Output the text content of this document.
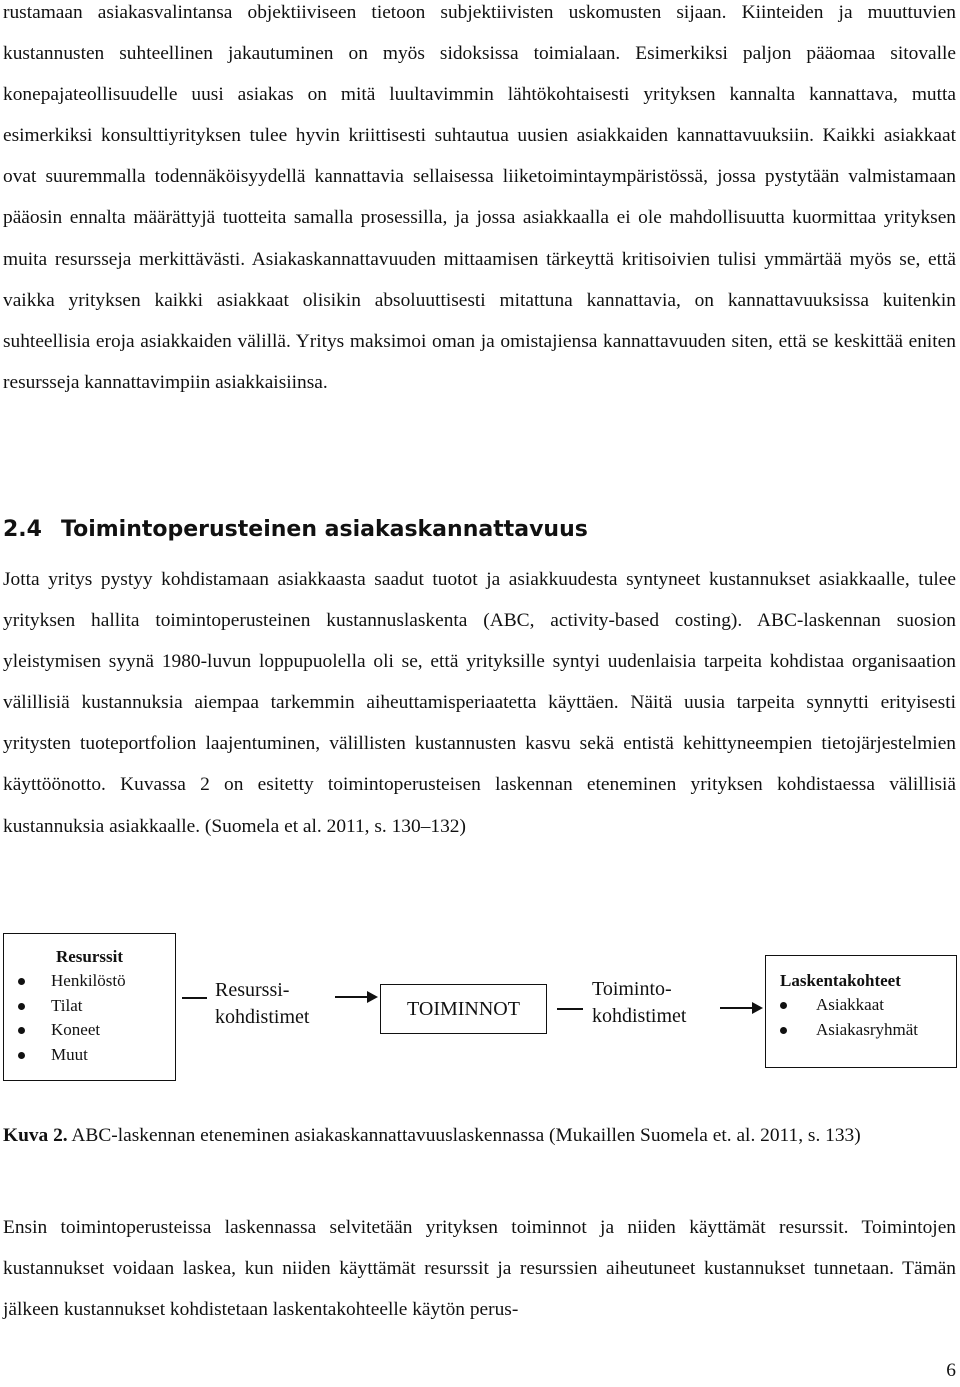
rustamaan asiakasvalintansa objektiiviseen tietoon subjektiivisten uskomusten sijaan. Kiinteiden ja muuttuvien kustannusten suhteellinen jakautuminen on myös sidoksissa toimialaan. Esimerkiksi paljon pääomaa sitovalle konepajateollisuudelle uusi asiakas on mitä luultavimmin lähtökohtaisesti yrityksen kannalta kannattava, mutta esimerkiksi konsulttiyrityksen tulee hyvin kriittisesti suhtautua uusien asiakkaiden kannattavuuksiin. Kaikki asiakkaat ovat suuremmalla todennäköisyydellä kannattavia sellaisessa liiketoimintaympäristössä, jossa pystytään valmistamaan pääosin ennalta määrättyjä tuotteita samalla prosessilla, ja jossa asiakkaalla ei ole mahdollisuutta kuormittaa yrityksen muita resursseja merkittävästi. Asiakaskannattavuuden mittaamisen tärkeyttä kritisoivien tulisi ymmärtää myös se, että vaikka yrityksen kaikki asiakkaat olisikin absoluuttisesti mitattuna kannattavia, on kannattavuuksissa kuitenkin suhteellisia eroja asiakkaiden välillä. Yritys maksimoi oman ja omistajiensa kannattavuuden siten, että se keskittää eniten resursseja kannattavimpiin asiakkaisiinsa.

2.4 Toimintoperusteinen asiakaskannattavuus

Jotta yritys pystyy kohdistamaan asiakkaasta saadut tuotot ja asiakkuudesta syntyneet kustannukset asiakkaalle, tulee yrityksen hallita toimintoperusteinen kustannuslaskenta (ABC, activity-based costing). ABC-laskennan suosion yleistymisen syynä 1980-luvun loppupuolella oli se, että yrityksille syntyi uudenlaisia tarpeita kohdistaa organisaation välillisiä kustannuksia aiempaa tarkemmin aiheuttamisperiaatetta käyttäen. Näitä uusia tarpeita synnytti erityisesti yritysten tuoteportfolion laajentuminen, välillisten kustannusten kasvu sekä entistä kehittyneempien tietojärjestelmien käyttöönotto. Kuvassa 2 on esitetty toimintoperusteisen laskennan eteneminen yrityksen kohdistaessa välillisiä kustannuksia asiakkaalle. (Suomela et al. 2011, s. 130–132)

Resurssit
Henkilöstö
Tilat
Koneet
Muut
Resurssi-
kohdistimet	TOIMINNOT
Toiminto-
kohdistimet
Laskentakohteet
Asiakkaat
Asiakasryhmät
Kuva 2. ABC-laskennan eteneminen asiakaskannattavuuslaskennassa (Mukaillen Suomela et. al. 2011, s. 133)

Ensin toimintoperusteissa laskennassa selvitetään yrityksen toiminnot ja niiden käyttämät resurssit. Toimintojen kustannukset voidaan laskea, kun niiden käyttämät resurssit ja resurssien aiheutuneet kustannukset tunnetaan. Tämän jälkeen kustannukset kohdistetaan laskentakohteelle käytön perus-

6
